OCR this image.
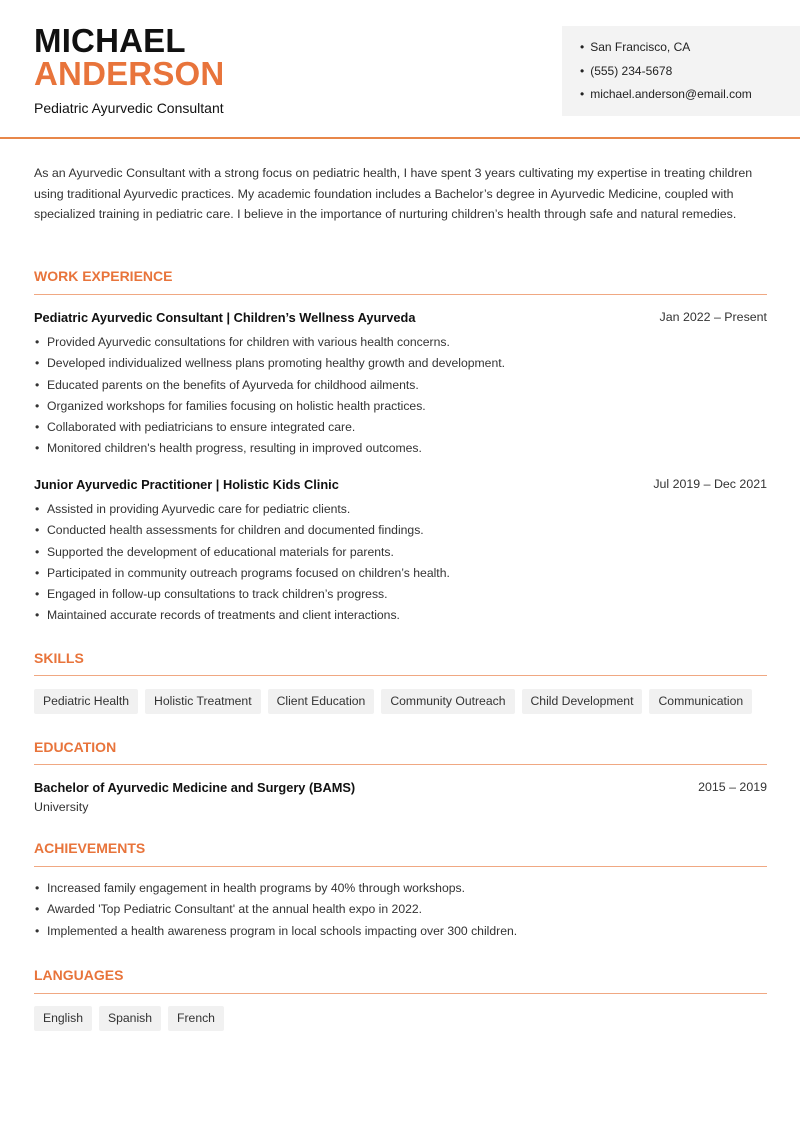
MICHAEL
ANDERSON
Pediatric Ayurvedic Consultant
• San Francisco, CA
• (555) 234-5678
• michael.anderson@email.com

As an Ayurvedic Consultant with a strong focus on pediatric health, I have spent 3 years cultivating my expertise in treating children using traditional Ayurvedic practices. My academic foundation includes a Bachelor’s degree in Ayurvedic Medicine, coupled with specialized training in pediatric care. I believe in the importance of nurturing children’s health through safe and natural remedies.

WORK EXPERIENCE
Pediatric Ayurvedic Consultant | Children’s Wellness Ayurveda	Jan 2022 – Present
• Provided Ayurvedic consultations for children with various health concerns.
• Developed individualized wellness plans promoting healthy growth and development.
• Educated parents on the benefits of Ayurveda for childhood ailments.
• Organized workshops for families focusing on holistic health practices.
• Collaborated with pediatricians to ensure integrated care.
• Monitored children's health progress, resulting in improved outcomes.
Junior Ayurvedic Practitioner | Holistic Kids Clinic	Jul 2019 – Dec 2021
• Assisted in providing Ayurvedic care for pediatric clients.
• Conducted health assessments for children and documented findings.
• Supported the development of educational materials for parents.
• Participated in community outreach programs focused on children’s health.
• Engaged in follow-up consultations to track children’s progress.
• Maintained accurate records of treatments and client interactions.
SKILLS
Pediatric Health	Holistic Treatment	Client Education	Community Outreach	Child Development	Communication
EDUCATION
Bachelor of Ayurvedic Medicine and Surgery (BAMS)	2015 – 2019
University
ACHIEVEMENTS
• Increased family engagement in health programs by 40% through workshops.
• Awarded 'Top Pediatric Consultant' at the annual health expo in 2022.
• Implemented a health awareness program in local schools impacting over 300 children.
LANGUAGES
English	Spanish	French
